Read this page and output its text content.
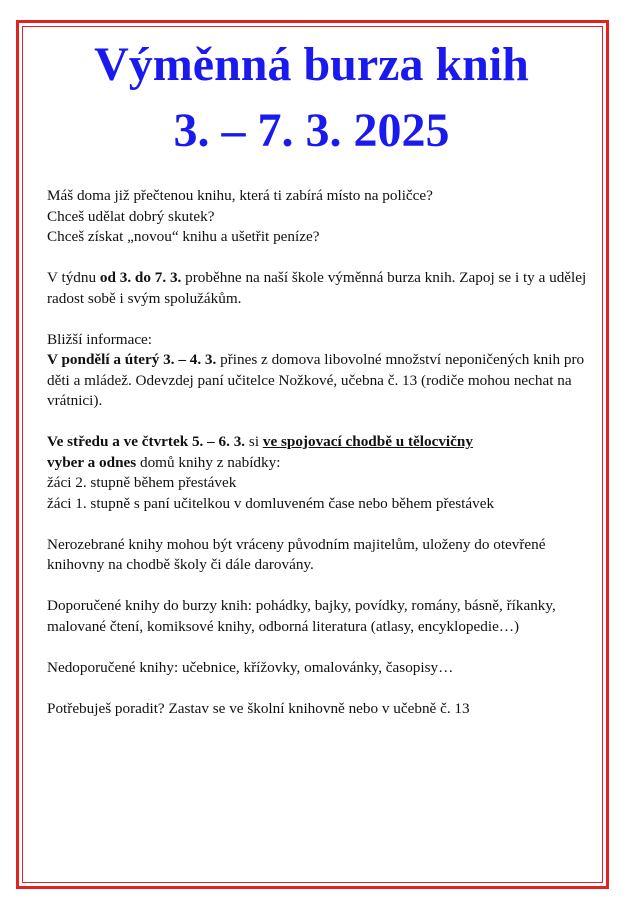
Výměnná burza knih
3. – 7. 3. 2025

Máš doma již přečtenou knihu, která ti zabírá místo na poličce?
Chceš udělat dobrý skutek?
Chceš získat „novou“ knihu a ušetřit peníze?

V týdnu od 3. do 7. 3. proběhne na naší škole výměnná burza knih. Zapoj se i ty a udělej radost sobě i svým spolužákům.

Bližší informace:
V pondělí a úterý 3. – 4. 3. přines z domova libovolné množství neponičených knih pro děti a mládež. Odevzdej paní učitelce Nožkové, učebna č. 13 (rodiče mohou nechat na vrátnici).

Ve středu a ve čtvrtek 5. – 6. 3. si ve spojovací chodbě u tělocvičny
vyber a odnes domů knihy z nabídky:
žáci 2. stupně během přestávek
žáci 1. stupně s paní učitelkou v domluveném čase nebo během přestávek

Nerozebrané knihy mohou být vráceny původním majitelům, uloženy do otevřené knihovny na chodbě školy či dále darovány.

Doporučené knihy do burzy knih: pohádky, bajky, povídky, romány, básně, říkanky, malované čtení, komiksové knihy, odborná literatura (atlasy, encyklopedie…)

Nedoporučené knihy: učebnice, křížovky, omalovánky, časopisy…

Potřebuješ poradit? Zastav se ve školní knihovně nebo v učebně č. 13
